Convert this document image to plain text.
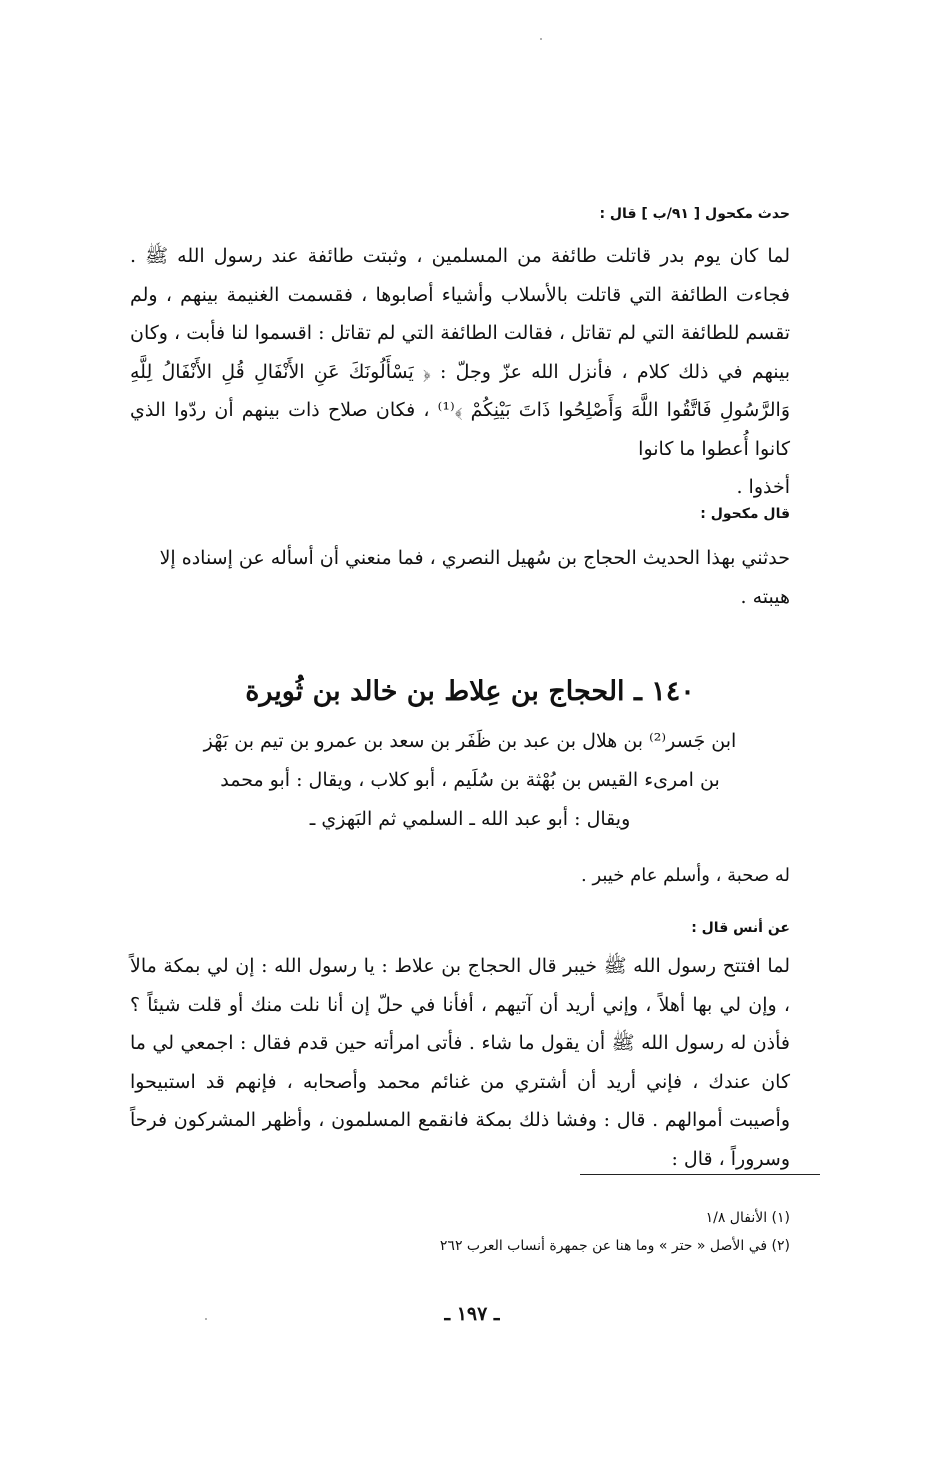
حدث مكحول [ ٩١/ب ] قال :
لما كان يوم بدر قاتلت طائفة من المسلمين ، وثبتت طائفة عند رسول الله ﷺ . فجاءت الطائفة التي قاتلت بالأسلاب وأشياء أصابوها ، فقسمت الغنيمة بينهم ، ولم تقسم للطائفة التي لم تقاتل ، فقالت الطائفة التي لم تقاتل : اقسموا لنا فأبت ، وكان بينهم في ذلك كلام ، فأنزل الله عزّ وجلّ : ﴿ يَسْأَلُونَكَ عَنِ الأَنْفَالِ قُلِ الأَنْفَالُ لِلَّهِ وَالرَّسُولِ فَاتَّقُوا اللَّهَ وَأَصْلِحُوا ذَاتَ بَيْنِكُمْ ﴾⁽¹⁾ ، فكان صلاح ذات بينهم أن ردّوا الذي كانوا أُعطوا ما كانوا
أخذوا .
قال مكحول :
حدثني بهذا الحديث الحجاج بن سُهيل النصري ، فما منعني أن أسأله عن إسناده إلا
هيبته .
١٤٠ ـ الحجاج بن عِلاط بن خالد بن ثُويرة
ابن جَسر⁽²⁾ بن هلال بن عبد بن ظَفَر بن سعد بن عمرو بن تيم بن بَهْز
بن امرىء القيس بن بُهْثة بن سُلَيم ، أبو كلاب ، ويقال : أبو محمد
ويقال : أبو عبد الله ـ السلمي ثم البَهزي ـ
له صحبة ، وأسلم عام خيبر .
عن أنس قال :
لما افتتح رسول الله ﷺ خيبر قال الحجاج بن علاط : يا رسول الله : إن لي بمكة مالاً ، وإن لي بها أهلاً ، وإني أريد أن آتيهم ، أفأنا في حلّ إن أنا نلت منك أو قلت شيئاً ؟ فأذن له رسول الله ﷺ أن يقول ما شاء . فأتى امرأته حين قدم فقال : اجمعي لي ما كان عندك ، فإني أريد أن أشتري من غنائم محمد وأصحابه ، فإنهم قد استبيحوا وأصيبت أموالهم . قال : وفشا ذلك بمكة فانقمع المسلمون ، وأظهر المشركون فرحاً وسروراً ، قال :
(١) الأنفال ١/٨
(٢) في الأصل « حتر » وما هنا عن جمهرة أنساب العرب ٢٦٢
ـ ١٩٧ ـ
